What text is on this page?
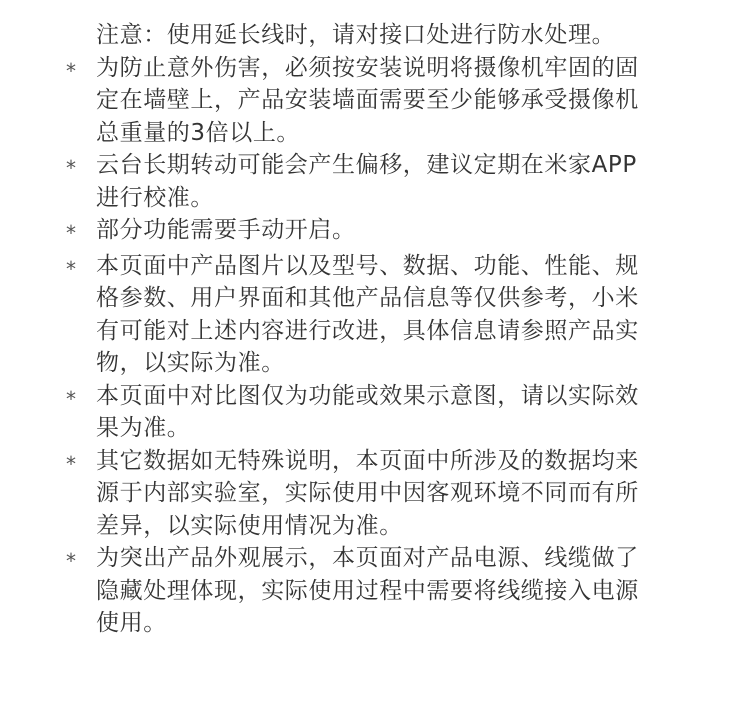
注意：使用延长线时，请对接口处进行防水处理。
* 为防止意外伤害，必须按安装说明将摄像机牢固的固
定在墙壁上，产品安装墙面需要至少能够承受摄像机
总重量的3倍以上。
* 云台长期转动可能会产生偏移，建议定期在米家APP
进行校准。
* 部分功能需要手动开启。
* 本页面中产品图片以及型号、数据、功能、性能、规
格参数、用户界面和其他产品信息等仅供参考，小米
有可能对上述内容进行改进，具体信息请参照产品实
物，以实际为准。
* 本页面中对比图仅为功能或效果示意图，请以实际效
果为准。
* 其它数据如无特殊说明，本页面中所涉及的数据均来
源于内部实验室，实际使用中因客观环境不同而有所
差异，以实际使用情况为准。
* 为突出产品外观展示，本页面对产品电源、线缆做了
隐藏处理体现，实际使用过程中需要将线缆接入电源
使用。
